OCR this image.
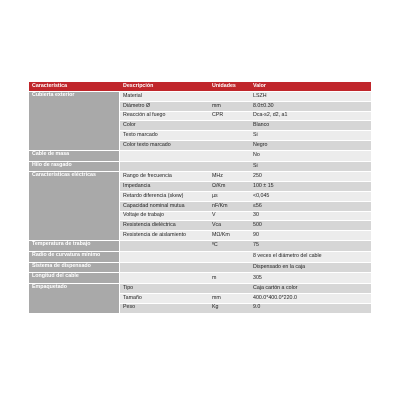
Característica	Descripción	Unidades	Valor
Cubierta exterior	Material		LSZH
	Diámetro Ø	mm	8.0±0.30
	Reacción al fuego	CPR	Dca-s2, d2, a1
	Color		Blanco
	Texto marcado		Si
	Color texto marcado		Negro
Cable de masa			No
Hilo de rasgado			Si
Características eléctricas	Rango de frecuencia	MHz	250
	Impedancia	Ω/Km	100 ± 15
	Retardo diferencia (skew)	µs	<0,045
	Capacidad nominal mutua	nF/Km	≤56
	Voltaje de trabajo	V	30
	Resistencia dieléctrica	Vca	500
	Resistencia de aislamiento	MΩ/Km	90
Temperatura de trabajo		ºC	75
Radio de curvatura mínimo			8 veces el diámetro del cable
Sistema de dispensado			Dispensado en la caja
Longitud del cable		m	305
Empaquetado	Tipo		Caja cartón a color
	Tamaño	mm	400.0*400.0*220.0
	Peso	Kg	9.0
